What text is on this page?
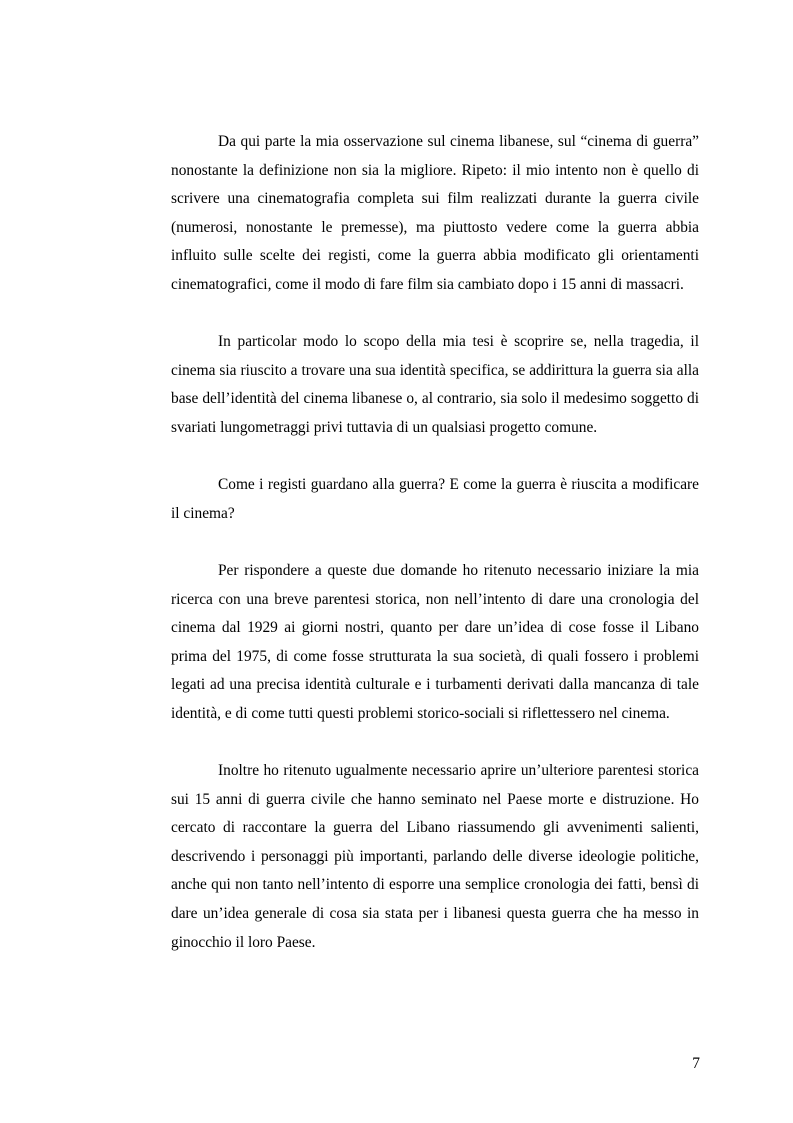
Da qui parte la mia osservazione sul cinema libanese, sul “cinema di guerra” nonostante la definizione non sia la migliore. Ripeto: il mio intento non è quello di scrivere una cinematografia completa sui film realizzati durante la guerra civile (numerosi, nonostante le premesse), ma piuttosto vedere come la guerra abbia influito sulle scelte dei registi, come la guerra abbia modificato gli orientamenti cinematografici, come il modo di fare film sia cambiato dopo i 15 anni di massacri.

In particolar modo lo scopo della mia tesi è scoprire se, nella tragedia, il cinema sia riuscito a trovare una sua identità specifica, se addirittura la guerra sia alla base dell’identità del cinema libanese o, al contrario, sia solo il medesimo soggetto di svariati lungometraggi privi tuttavia di un qualsiasi progetto comune.

Come i registi guardano alla guerra? E come la guerra è riuscita a modificare il cinema?

Per rispondere a queste due domande ho ritenuto necessario iniziare la mia ricerca con una breve parentesi storica, non nell’intento di dare una cronologia del cinema dal 1929 ai giorni nostri, quanto per dare un’idea di cose fosse il Libano prima del 1975, di come fosse strutturata la sua società, di quali fossero i problemi legati ad una precisa identità culturale e i turbamenti derivati dalla mancanza di tale identità, e di come tutti questi problemi storico-sociali si riflettessero nel cinema.

Inoltre ho ritenuto ugualmente necessario aprire un’ulteriore parentesi storica sui 15 anni di guerra civile che hanno seminato nel Paese morte e distruzione. Ho cercato di raccontare la guerra del Libano riassumendo gli avvenimenti salienti, descrivendo i personaggi più importanti, parlando delle diverse ideologie politiche, anche qui non tanto nell’intento di esporre una semplice cronologia dei fatti, bensì di dare un’idea generale di cosa sia stata per i libanesi questa guerra che ha messo in ginocchio il loro Paese.

7
